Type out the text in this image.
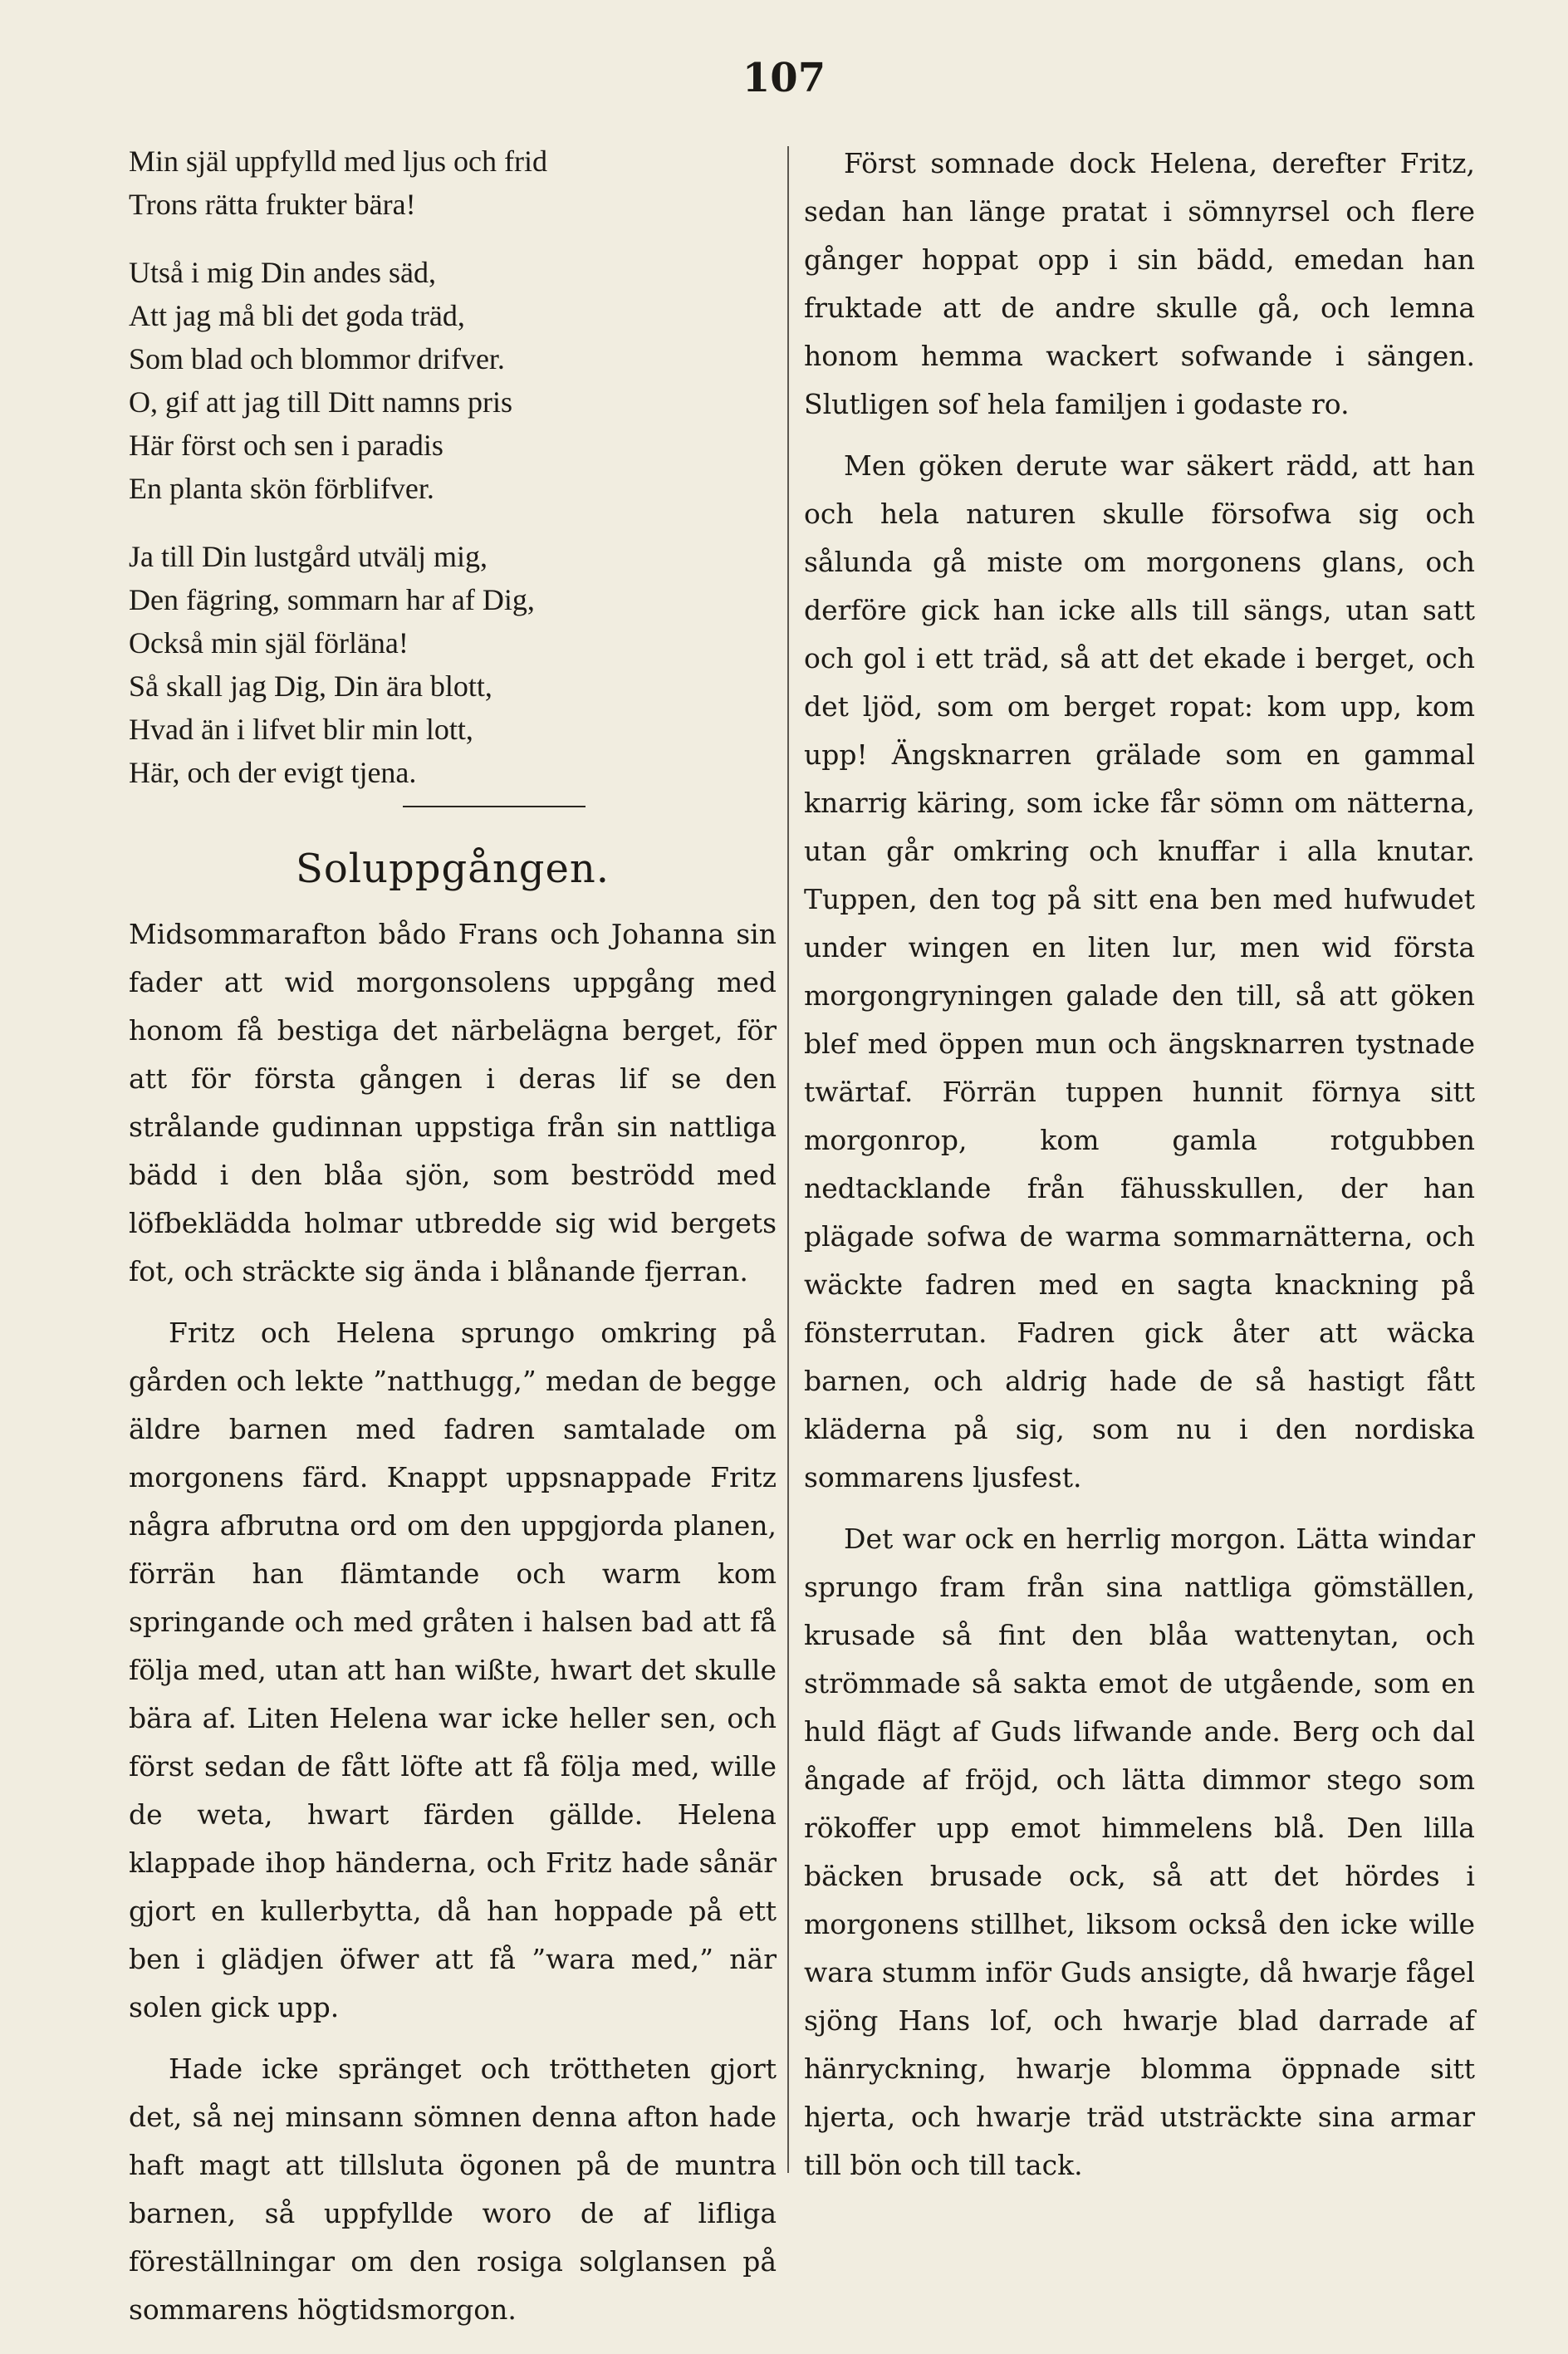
107
Min själ uppfylld med ljus och frid
Trons rätta frukter bära!
Utså i mig Din andes säd,
Att jag må bli det goda träd,
Som blad och blommor drifver.
O, gif att jag till Ditt namns pris
Här först och sen i paradis
En planta skön förblifver.
Ja till Din lustgård utvälj mig,
Den fägring, sommarn har af Dig,
Också min själ förläna!
Så skall jag Dig, Din ära blott,
Hvad än i lifvet blir min lott,
Här, och der evigt tjena.
Soluppgången.

Midsommarafton bådo Frans och Johanna sin fader att wid morgonsolens uppgång med honom få bestiga det närbelägna berget, för att för första gången i deras lif se den strålande gudinnan uppstiga från sin nattliga bädd i den blåa sjön, som beströdd med löfbeklädda holmar utbredde sig wid bergets fot, och sträckte sig ända i blånande fjerran.

Fritz och Helena sprungo omkring på gården och lekte ”natthugg,” medan de begge äldre barnen med fadren samtalade om morgonens färd. Knappt uppsnappade Fritz några afbrutna ord om den uppgjorda planen, förrän han flämtande och warm kom springande och med gråten i halsen bad att få följa med, utan att han wißte, hwart det skulle bära af. Liten Helena war icke heller sen, och först sedan de fått löfte att få följa med, wille de weta, hwart färden gällde. Helena klappade ihop händerna, och Fritz hade sånär gjort en kullerbytta, då han hoppade på ett ben i glädjen öfwer att få ”wara med,” när solen gick upp.

Hade icke spränget och tröttheten gjort det, så nej minsann sömnen denna afton hade haft magt att tillsluta ögonen på de muntra barnen, så uppfyllde woro de af lifliga föreställningar om den rosiga solglansen på sommarens högtidsmorgon.

Först somnade dock Helena, derefter Fritz, sedan han länge pratat i sömnyrsel och flere gånger hoppat opp i sin bädd, emedan han fruktade att de andre skulle gå, och lemna honom hemma wackert sofwande i sängen. Slutligen sof hela familjen i godaste ro.

Men göken derute war säkert rädd, att han och hela naturen skulle försofwa sig och sålunda gå miste om morgonens glans, och derföre gick han icke alls till sängs, utan satt och gol i ett träd, så att det ekade i berget, och det ljöd, som om berget ropat: kom upp, kom upp! Ängsknarren grälade som en gammal knarrig käring, som icke får sömn om nätterna, utan går omkring och knuffar i alla knutar. Tuppen, den tog på sitt ena ben med hufwudet under wingen en liten lur, men wid första morgongryningen galade den till, så att göken blef med öppen mun och ängsknarren tystnade twärtaf. Förrän tuppen hunnit förnya sitt morgonrop, kom gamla rotgubben nedtacklande från fähusskullen, der han plägade sofwa de warma sommarnätterna, och wäckte fadren med en sagta knackning på fönsterrutan. Fadren gick åter att wäcka barnen, och aldrig hade de så hastigt fått kläderna på sig, som nu i den nordiska sommarens ljusfest.

Det war ock en herrlig morgon. Lätta windar sprungo fram från sina nattliga gömställen, krusade så fint den blåa wattenytan, och strömmade så sakta emot de utgående, som en huld flägt af Guds lifwande ande. Berg och dal ångade af fröjd, och lätta dimmor stego som rökoffer upp emot himmelens blå. Den lilla bäcken brusade ock, så att det hördes i morgonens stillhet, liksom också den icke wille wara stumm inför Guds ansigte, då hwarje fågel sjöng Hans lof, och hwarje blad darrade af hänryckning, hwarje blomma öppnade sitt hjerta, och hwarje träd utsträckte sina armar till bön och till tack.
